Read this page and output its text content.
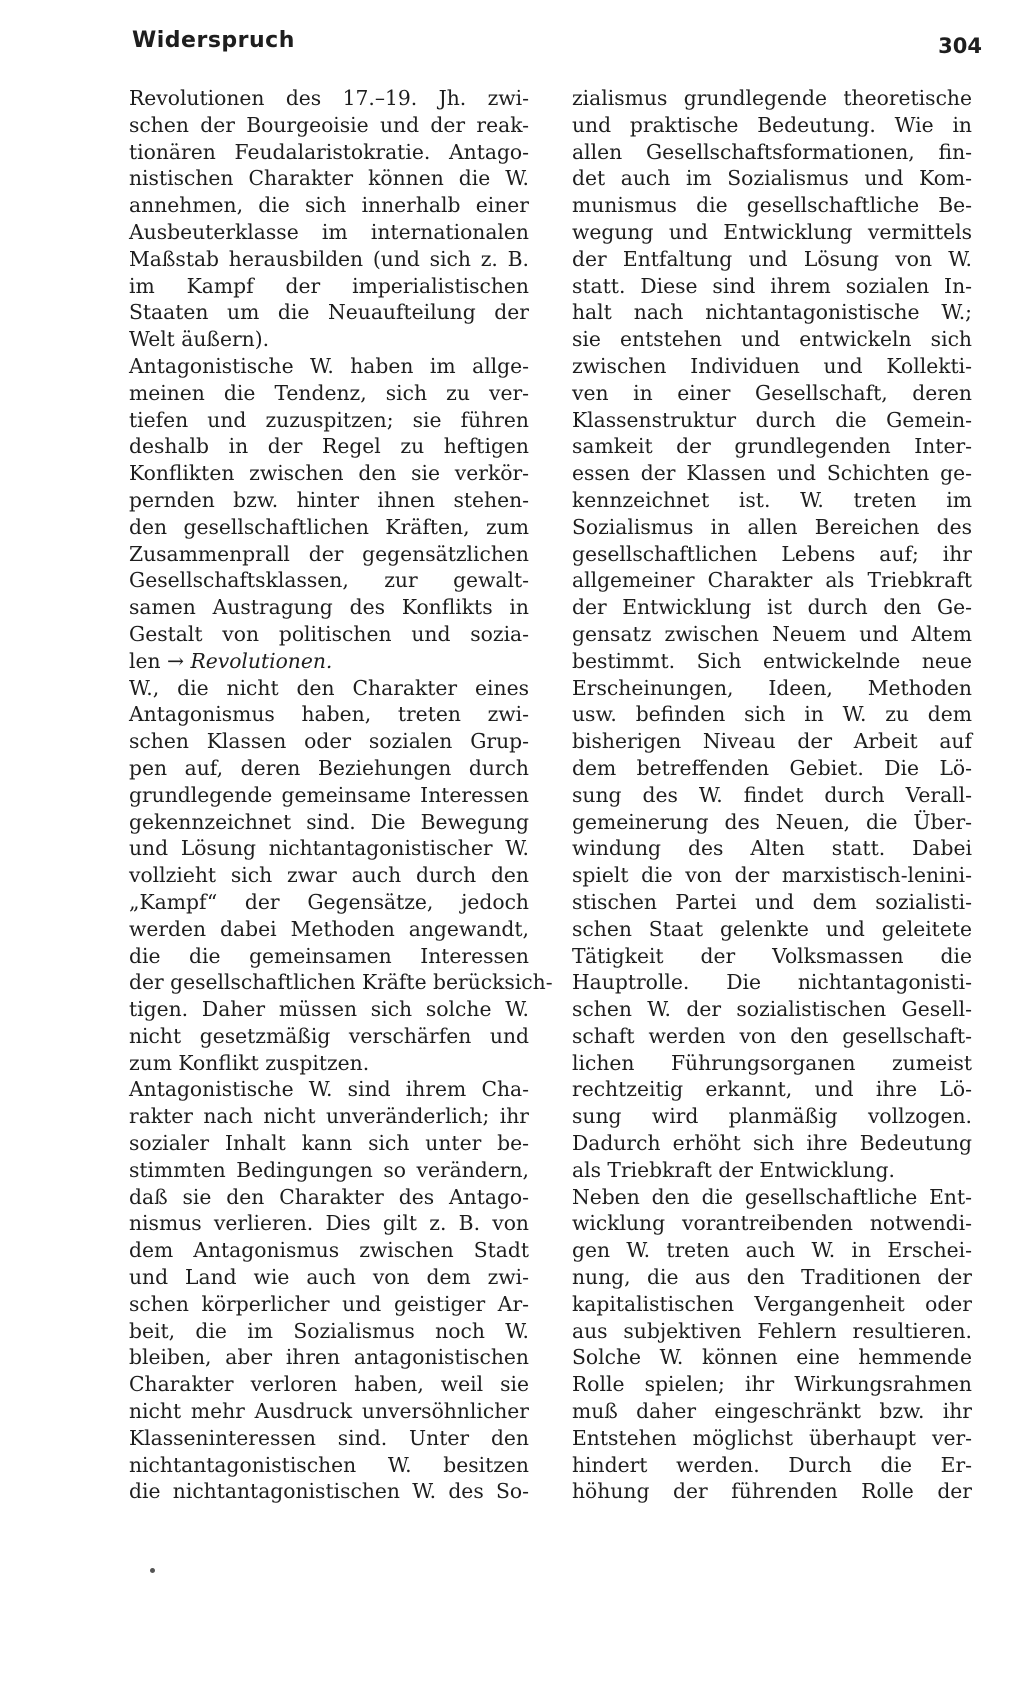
Widerspruch	304
Revolutionen des 17.–19. Jh. zwi-
schen der Bourgeoisie und der reak-
tionären Feudalaristokratie. Antago-
nistischen Charakter können die W.
annehmen, die sich innerhalb einer
Ausbeuterklasse im internationalen
Maßstab herausbilden (und sich z. B.
im Kampf der imperialistischen
Staaten um die Neuaufteilung der
Welt äußern).
Antagonistische W. haben im allge-
meinen die Tendenz, sich zu ver-
tiefen und zuzuspitzen; sie führen
deshalb in der Regel zu heftigen
Konflikten zwischen den sie verkör-
pernden bzw. hinter ihnen stehen-
den gesellschaftlichen Kräften, zum
Zusammenprall der gegensätzlichen
Gesellschaftsklassen, zur gewalt-
samen Austragung des Konflikts in
Gestalt von politischen und sozia-
len → Revolutionen.
W., die nicht den Charakter eines
Antagonismus haben, treten zwi-
schen Klassen oder sozialen Grup-
pen auf, deren Beziehungen durch
grundlegende gemeinsame Interessen
gekennzeichnet sind. Die Bewegung
und Lösung nichtantagonistischer W.
vollzieht sich zwar auch durch den
„Kampf“ der Gegensätze, jedoch
werden dabei Methoden angewandt,
die die gemeinsamen Interessen
der gesellschaftlichen Kräfte berücksich-
tigen. Daher müssen sich solche W.
nicht gesetzmäßig verschärfen und
zum Konflikt zuspitzen.
Antagonistische W. sind ihrem Cha-
rakter nach nicht unveränderlich; ihr
sozialer Inhalt kann sich unter be-
stimmten Bedingungen so verändern,
daß sie den Charakter des Antago-
nismus verlieren. Dies gilt z. B. von
dem Antagonismus zwischen Stadt
und Land wie auch von dem zwi-
schen körperlicher und geistiger Ar-
beit, die im Sozialismus noch W.
bleiben, aber ihren antagonistischen
Charakter verloren haben, weil sie
nicht mehr Ausdruck unversöhnlicher
Klasseninteressen sind. Unter den
nichtantagonistischen W. besitzen
die nichtantagonistischen W. des So-
zialismus grundlegende theoretische
und praktische Bedeutung. Wie in
allen Gesellschaftsformationen, fin-
det auch im Sozialismus und Kom-
munismus die gesellschaftliche Be-
wegung und Entwicklung vermittels
der Entfaltung und Lösung von W.
statt. Diese sind ihrem sozialen In-
halt nach nichtantagonistische W.;
sie entstehen und entwickeln sich
zwischen Individuen und Kollekti-
ven in einer Gesellschaft, deren
Klassenstruktur durch die Gemein-
samkeit der grundlegenden Inter-
essen der Klassen und Schichten ge-
kennzeichnet ist. W. treten im
Sozialismus in allen Bereichen des
gesellschaftlichen Lebens auf; ihr
allgemeiner Charakter als Triebkraft
der Entwicklung ist durch den Ge-
gensatz zwischen Neuem und Altem
bestimmt. Sich entwickelnde neue
Erscheinungen, Ideen, Methoden
usw. befinden sich in W. zu dem
bisherigen Niveau der Arbeit auf
dem betreffenden Gebiet. Die Lö-
sung des W. findet durch Verall-
gemeinerung des Neuen, die Über-
windung des Alten statt. Dabei
spielt die von der marxistisch-lenini-
stischen Partei und dem sozialisti-
schen Staat gelenkte und geleitete
Tätigkeit der Volksmassen die
Hauptrolle. Die nichtantagonisti-
schen W. der sozialistischen Gesell-
schaft werden von den gesellschaft-
lichen Führungsorganen zumeist
rechtzeitig erkannt, und ihre Lö-
sung wird planmäßig vollzogen.
Dadurch erhöht sich ihre Bedeutung
als Triebkraft der Entwicklung.
Neben den die gesellschaftliche Ent-
wicklung vorantreibenden notwendi-
gen W. treten auch W. in Erschei-
nung, die aus den Traditionen der
kapitalistischen Vergangenheit oder
aus subjektiven Fehlern resultieren.
Solche W. können eine hemmende
Rolle spielen; ihr Wirkungsrahmen
muß daher eingeschränkt bzw. ihr
Entstehen möglichst überhaupt ver-
hindert werden. Durch die Er-
höhung der führenden Rolle der
